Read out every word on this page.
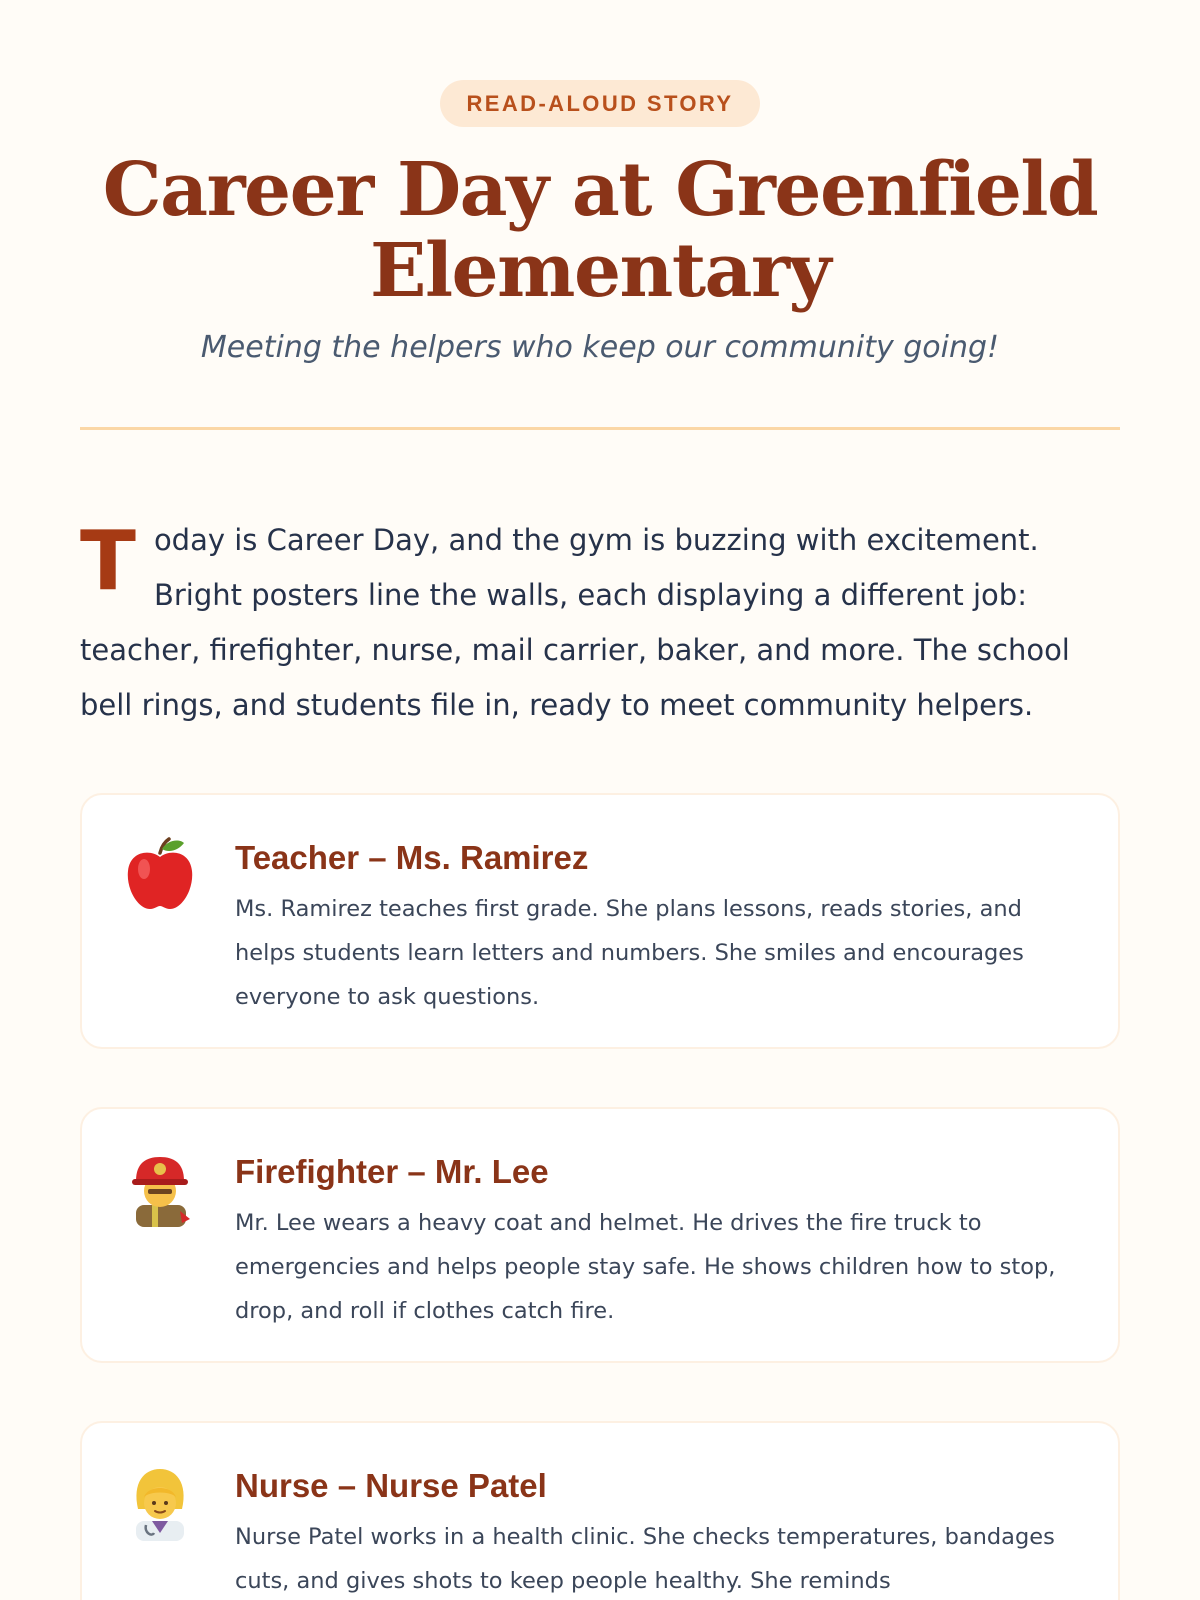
READ-ALOUD STORY
Career Day at Greenfield Elementary
Meeting the helpers who keep our community going!

Today is Career Day, and the gym is buzzing with excitement. Bright posters line the walls, each displaying a different job: teacher, firefighter, nurse, mail carrier, baker, and more. The school bell rings, and students file in, ready to meet community helpers.

Teacher – Ms. Ramirez

Ms. Ramirez teaches first grade. She plans lessons, reads stories, and helps students learn letters and numbers. She smiles and encourages everyone to ask questions.

Firefighter – Mr. Lee

Mr. Lee wears a heavy coat and helmet. He drives the fire truck to emergencies and helps people stay safe. He shows children how to stop, drop, and roll if clothes catch fire.

Nurse – Nurse Patel

Nurse Patel works in a health clinic. She checks temperatures, bandages cuts, and gives shots to keep people healthy. She reminds
